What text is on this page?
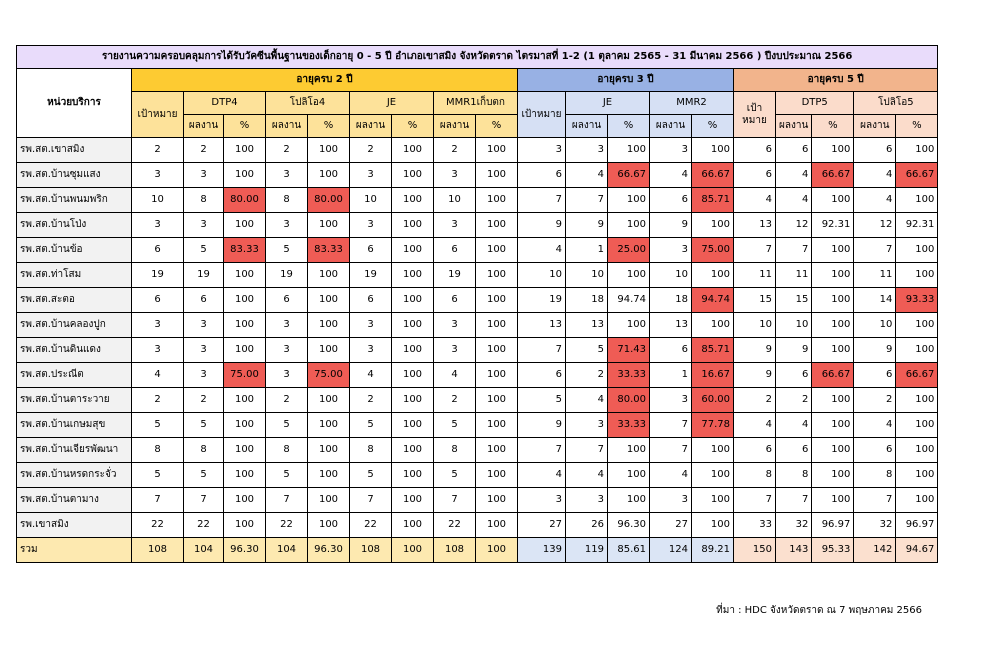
รายงานความครอบคลุมการได้รับวัคซีนพื้นฐานของเด็กอายุ 0 - 5 ปี อำเภอเขาสมิง จังหวัดตราด ไตรมาสที่ 1-2 (1 ตุลาคม 2565 - 31 มีนาคม 2566 ) ปีงบประมาณ 2566																			
หน่วยบริการ	อายุครบ 2 ปี									อายุครบ 3 ปี					อายุครบ 5 ปี				
	เป้าหมาย	DTP4		โปลิโอ4		JE		MMR1เก็บตก		เป้าหมาย	JE		MMR2		เป้าหมาย	DTP5		โปลิโอ5	
		ผลงาน	%	ผลงาน	%	ผลงาน	%	ผลงาน	%		ผลงาน	%	ผลงาน	%		ผลงาน	%	ผลงาน	%
รพ.สต.เขาสมิง	2	2	100	2	100	2	100	2	100	3	3	100	3	100	6	6	100	6	100
รพ.สต.บ้านซุมแสง	3	3	100	3	100	3	100	3	100	6	4	66.67	4	66.67	6	4	66.67	4	66.67
รพ.สต.บ้านพนมพริก	10	8	80.00	8	80.00	10	100	10	100	7	7	100	6	85.71	4	4	100	4	100
รพ.สต.บ้านโป่ง	3	3	100	3	100	3	100	3	100	9	9	100	9	100	13	12	92.31	12	92.31
รพ.สต.บ้านข้อ	6	5	83.33	5	83.33	6	100	6	100	4	1	25.00	3	75.00	7	7	100	7	100
รพ.สต.ท่าโสม	19	19	100	19	100	19	100	19	100	10	10	100	10	100	11	11	100	11	100
รพ.สต.สะตอ	6	6	100	6	100	6	100	6	100	19	18	94.74	18	94.74	15	15	100	14	93.33
รพ.สต.บ้านคลองปูก	3	3	100	3	100	3	100	3	100	13	13	100	13	100	10	10	100	10	100
รพ.สต.บ้านดินแดง	3	3	100	3	100	3	100	3	100	7	5	71.43	6	85.71	9	9	100	9	100
รพ.สต.ประณีต	4	3	75.00	3	75.00	4	100	4	100	6	2	33.33	1	16.67	9	6	66.67	6	66.67
รพ.สต.บ้านตาระวาย	2	2	100	2	100	2	100	2	100	5	4	80.00	3	60.00	2	2	100	2	100
รพ.สต.บ้านเกษมสุข	5	5	100	5	100	5	100	5	100	9	3	33.33	7	77.78	4	4	100	4	100
รพ.สต.บ้านเจียรพัฒนา	8	8	100	8	100	8	100	8	100	7	7	100	7	100	6	6	100	6	100
รพ.สต.บ้านหรดกระจั่ว	5	5	100	5	100	5	100	5	100	4	4	100	4	100	8	8	100	8	100
รพ.สต.บ้านตามาง	7	7	100	7	100	7	100	7	100	3	3	100	3	100	7	7	100	7	100
รพ.เขาสมิง	22	22	100	22	100	22	100	22	100	27	26	96.30	27	100	33	32	96.97	32	96.97
รวม	108	104	96.30	104	96.30	108	100	108	100	139	119	85.61	124	89.21	150	143	95.33	142	94.67
ที่มา : HDC จังหวัดตราด ณ 7 พฤษภาคม 2566
